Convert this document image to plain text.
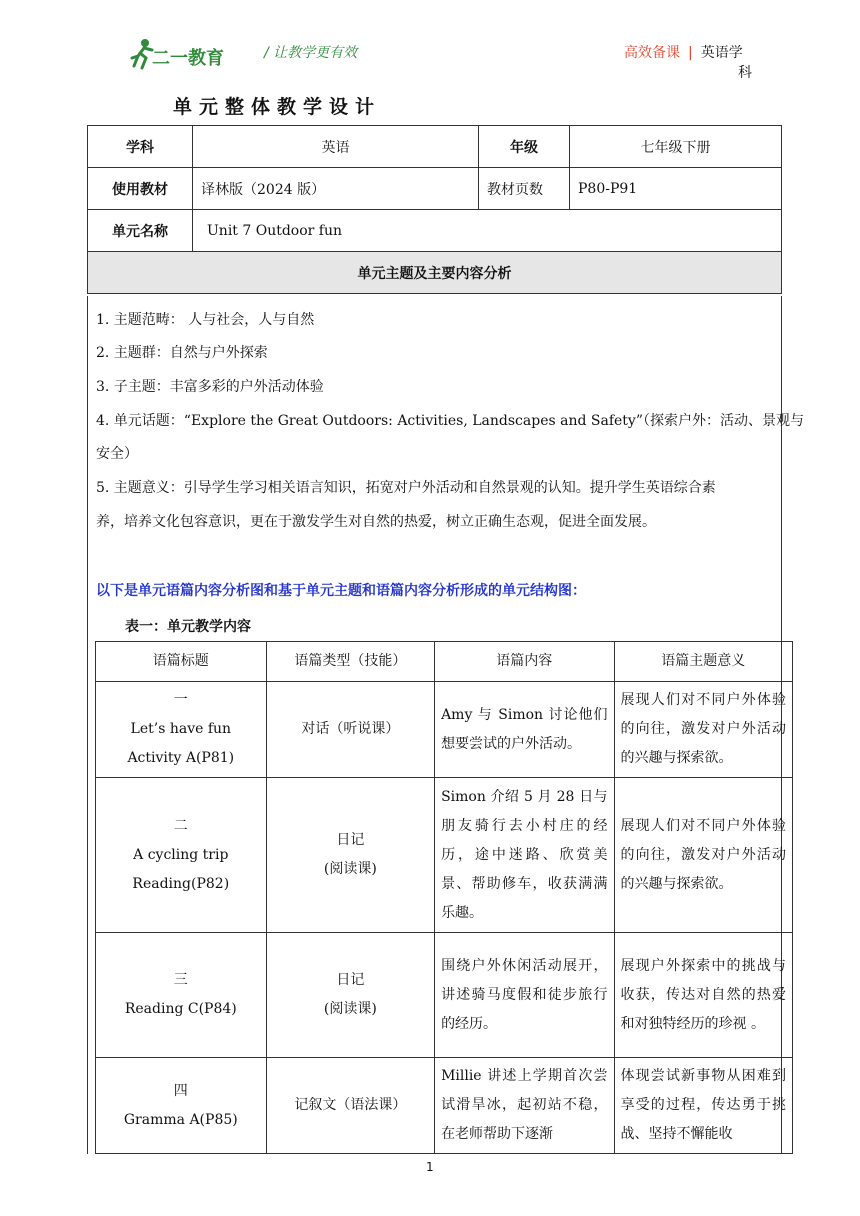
二一教育	/ 让教学更有效	高效备课 | 英语学
科
单元整体教学设计
学科	英语	年级	七年级下册
使用教材	译林版（2024 版）	教材页数	P80-P91
单元名称	Unit 7 Outdoor fun		
单元主题及主要内容分析			
1. 主题范畴： 人与社会，人与自然
2. 主题群：自然与户外探索
3. 子主题：丰富多彩的户外活动体验
4. 单元话题：“Explore the Great Outdoors: Activities, Landscapes and Safety”（探索户外：活动、景观与
安全）
5. 主题意义：引导学生学习相关语言知识，拓宽对户外活动和自然景观的认知。提升学生英语综合素
养，培养文化包容意识，更在于激发学生对自然的热爱，树立正确生态观，促进全面发展。
以下是单元语篇内容分析图和基于单元主题和语篇内容分析形成的单元结构图：
表一：单元教学内容
语篇标题	语篇类型（技能）	语篇内容	语篇主题意义

一
Let’s have fun
Activity A(P81)	对话（听说课）	Amy 与 Simon 讨论他们想要尝试的户外活动。	展现人们对不同户外体验的向往，激发对户外活动的兴趣与探索欲。

二
A cycling trip
Reading(P82)	日记
(阅读课)	Simon 介绍 5 月 28 日与朋友骑行去小村庄的经历，途中迷路、欣赏美景、帮助修车，收获满满乐趣。	展现人们对不同户外体验的向往，激发对户外活动的兴趣与探索欲。

三
Reading C(P84)	日记
(阅读课)	围绕户外休闲活动展开，讲述骑马度假和徒步旅行的经历。	展现户外探索中的挑战与收获，传达对自然的热爱和对独特经历的珍视 。

四
Gramma A(P85)	记叙文（语法课）	Millie 讲述上学期首次尝试滑旱冰，起初站不稳，在老师帮助下逐渐	体现尝试新事物从困难到享受的过程，传达勇于挑战、坚持不懈能收
1
